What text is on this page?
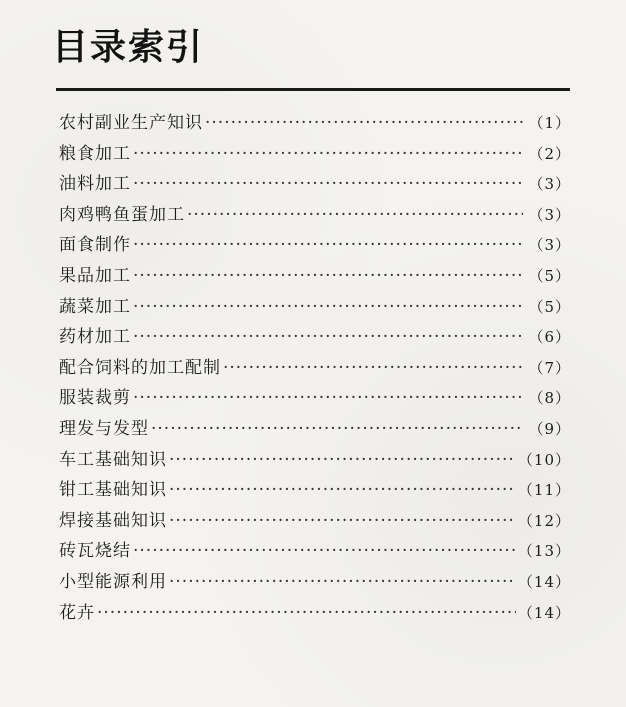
目录索引
农村副业生产知识 ·····	（1）
粮食加工 ·····	（2）
油料加工 ·····	（3）
肉鸡鸭鱼蛋加工 ·····	（3）
面食制作 ·····	（3）
果品加工 ·····	（5）
蔬菜加工 ·····	（5）
药材加工 ·····	（6）
配合饲料的加工配制 ·····	（7）
服装裁剪 ·····	（8）
理发与发型 ·····	（9）
车工基础知识 ·····	（10）
钳工基础知识 ·····	（11）
焊接基础知识 ·····	（12）
砖瓦烧结 ·····	（13）
小型能源利用 ·····	（14）
花卉 ·····	（14）
